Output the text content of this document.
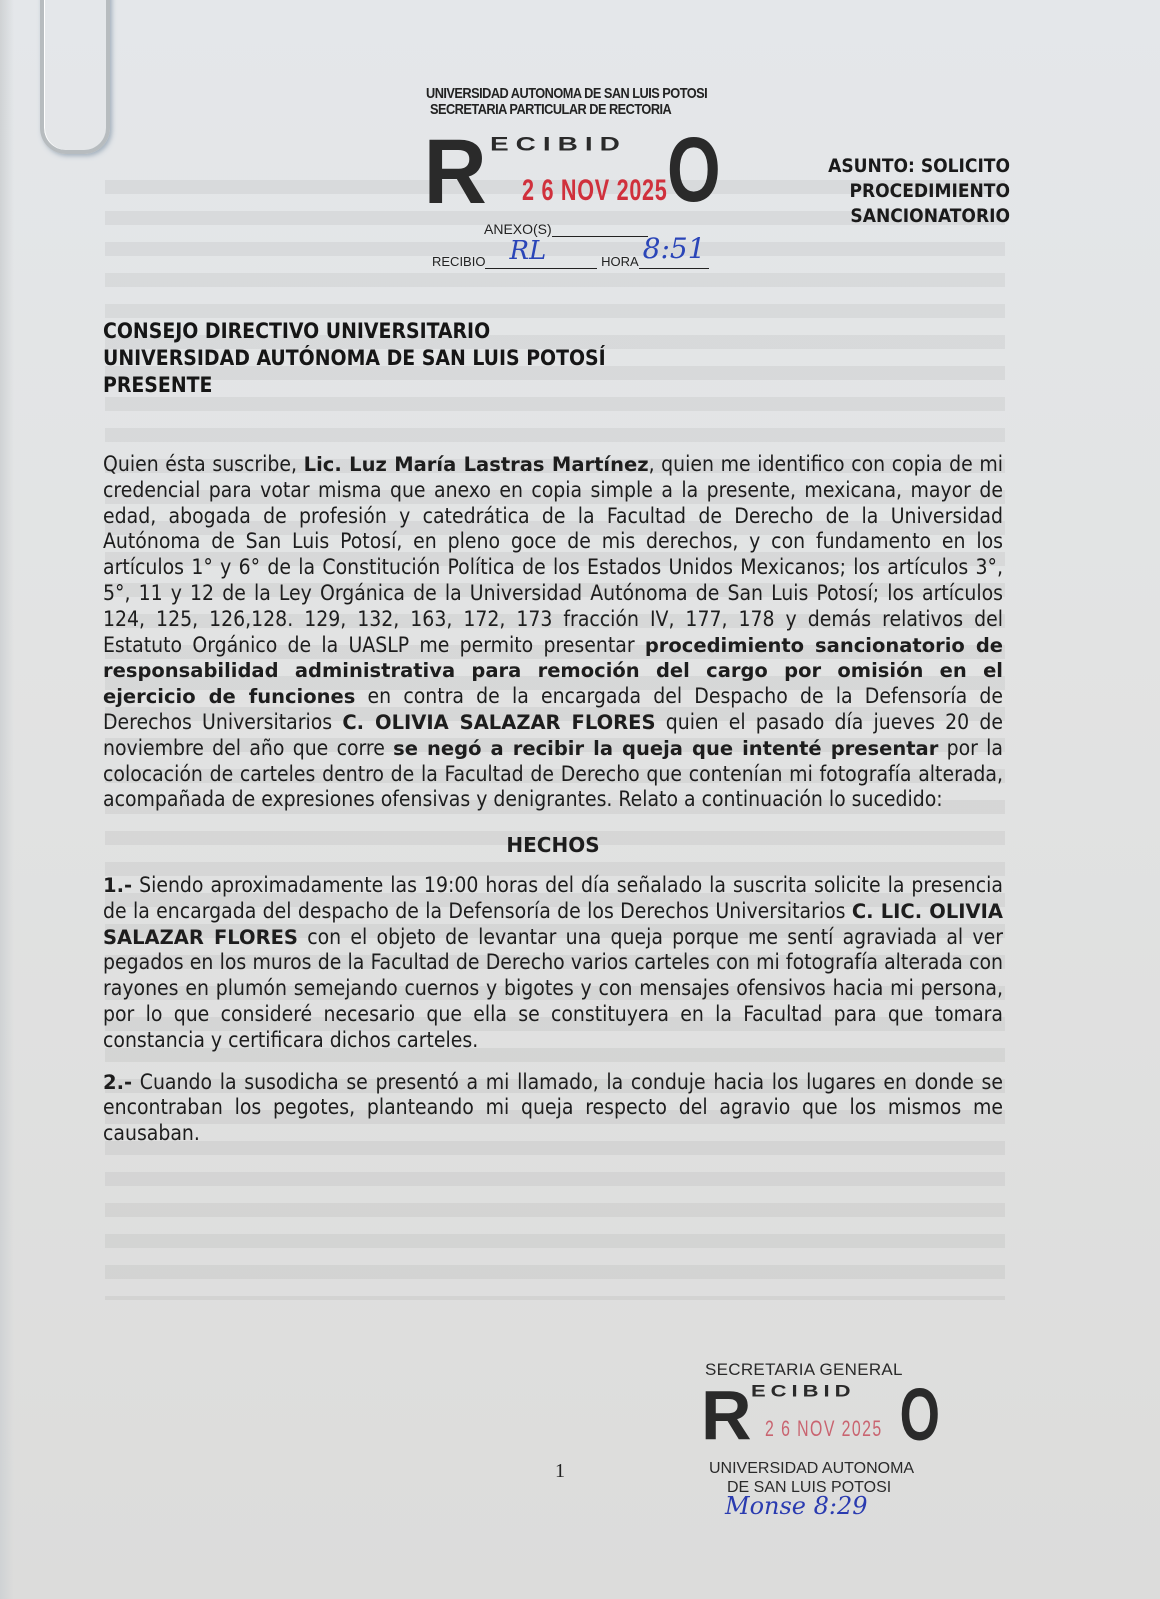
UNIVERSIDAD AUTONOMA DE SAN LUIS POTOSI
SECRETARIA PARTICULAR DE RECTORIA
R ECIBID O
2 6 NOV 2025
ANEXO(S)
RECIBIO RL	HORA 8:51
ASUNTO: SOLICITO
PROCEDIMIENTO
SANCIONATORIO
CONSEJO DIRECTIVO UNIVERSITARIO
UNIVERSIDAD AUTÓNOMA DE SAN LUIS POTOSÍ
PRESENTE

Quien ésta suscribe, Lic. Luz María Lastras Martínez, quien me identifico con copia de mi credencial para votar misma que anexo en copia simple a la presente, mexicana, mayor de edad, abogada de profesión y catedrática de la Facultad de Derecho de la Universidad Autónoma de San Luis Potosí, en pleno goce de mis derechos, y con fundamento en los artículos 1° y 6° de la Constitución Política de los Estados Unidos Mexicanos; los artículos 3°, 5°, 11 y 12 de la Ley Orgánica de la Universidad Autónoma de San Luis Potosí; los artículos 124, 125, 126,128. 129, 132, 163, 172, 173 fracción IV, 177, 178 y demás relativos del Estatuto Orgánico de la UASLP me permito presentar procedimiento sancionatorio de responsabilidad administrativa para remoción del cargo por omisión en el ejercicio de funciones en contra de la encargada del Despacho de la Defensoría de Derechos Universitarios C. OLIVIA SALAZAR FLORES quien el pasado día jueves 20 de noviembre del año que corre se negó a recibir la queja que intenté presentar por la colocación de carteles dentro de la Facultad de Derecho que contenían mi fotografía alterada, acompañada de expresiones ofensivas y denigrantes. Relato a continuación lo sucedido:

HECHOS

1.- Siendo aproximadamente las 19:00 horas del día señalado la suscrita solicite la presencia de la encargada del despacho de la Defensoría de los Derechos Universitarios C. LIC. OLIVIA SALAZAR FLORES con el objeto de levantar una queja porque me sentí agraviada al ver pegados en los muros de la Facultad de Derecho varios carteles con mi fotografía alterada con rayones en plumón semejando cuernos y bigotes y con mensajes ofensivos hacia mi persona, por lo que consideré necesario que ella se constituyera en la Facultad para que tomara constancia y certificara dichos carteles.

2.- Cuando la susodicha se presentó a mi llamado, la conduje hacia los lugares en donde se encontraban los pegotes, planteando mi queja respecto del agravio que los mismos me causaban.

1
SECRETARIA GENERAL
R ECIBID O
2 6 NOV 2025
UNIVERSIDAD AUTONOMA
DE SAN LUIS POTOSI
Monse 8:29
